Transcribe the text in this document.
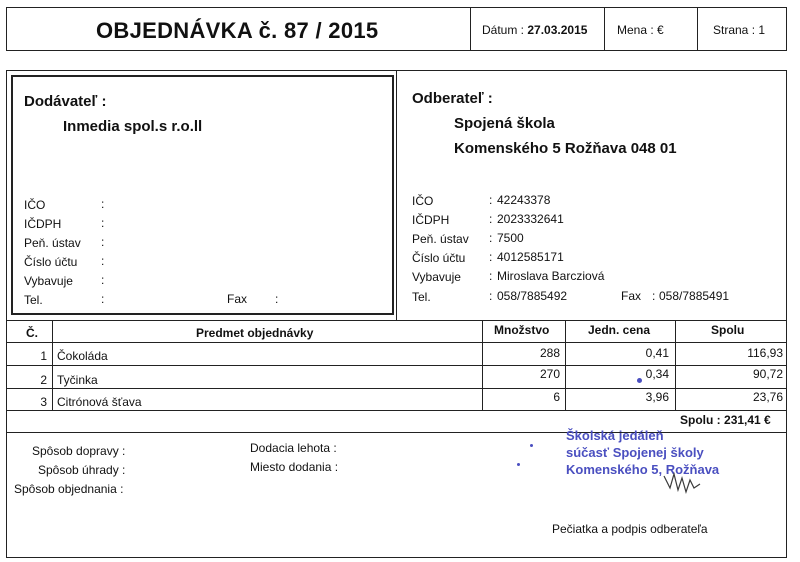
OBJEDNÁVKA č. 87 / 2015	Dátum : 27.03.2015 Mena : €	Strana : 1
Dodávateľ :
Inmedia spol.s r.o.ll
IČO	:
IČDPH	:
Peň. ústav :
Číslo účtu :
Vybavuje :
Tel.	:	Fax :
Odberateľ :
Spojená škola
Komenského 5 Rožňava 048 01
IČO	: 42243378
IČDPH	: 2023332641
Peň. ústav : 7500
Číslo účtu : 4012585171
Vybavuje : Miroslava Barcziová
Tel.	: 058/7885492	Fax : 058/7885491
Č.	Predmet objednávky	Množstvo	Jedn. cena	Spolu
1 Čokoláda	288	0,41	116,93
2 Tyčinka	270	0,34	90,72
3 Citrónová šťava	6	3,96	23,76
Spolu : 231,41 €
Spôsob dopravy :
Spôsob úhrady :
Spôsob objednania :
Dodacia lehota :
Miesto dodania :
Školská jedáleň
súčasť Spojenej školy
Komenského 5, Rožňava
Pečiatka a podpis odberateľa
